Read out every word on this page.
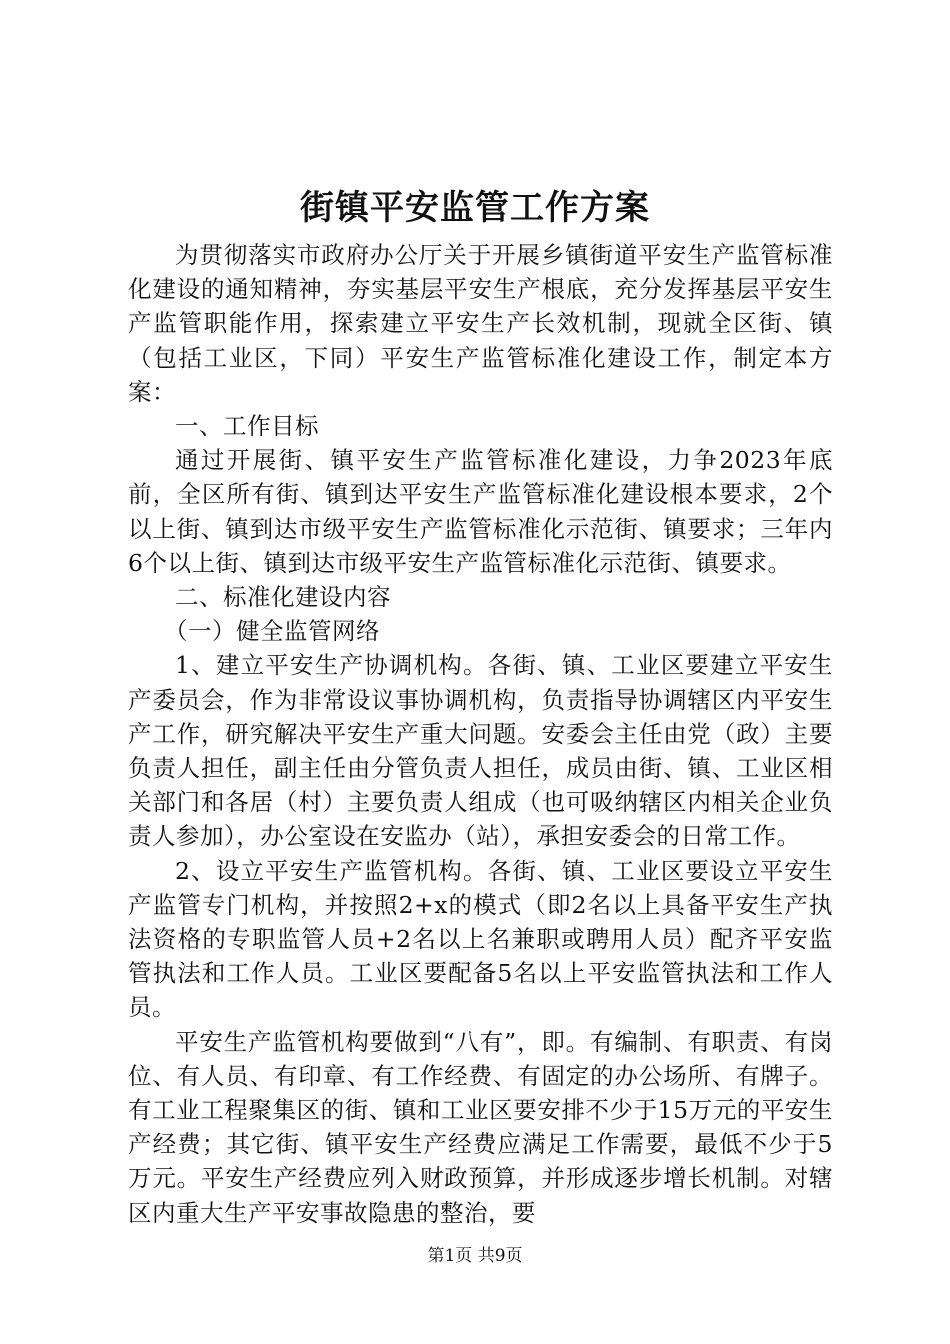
街镇平安监管工作方案

为贯彻落实市政府办公厅关于开展乡镇街道平安生产监管标准化建设的通知精神，夯实基层平安生产根底，充分发挥基层平安生产监管职能作用，探索建立平安生产长效机制，现就全区街、镇（包括工业区，下同）平安生产监管标准化建设工作，制定本方案：

一、工作目标

通过开展街、镇平安生产监管标准化建设，力争2023年底前，全区所有街、镇到达平安生产监管标准化建设根本要求，2个以上街、镇到达市级平安生产监管标准化示范街、镇要求；三年内6个以上街、镇到达市级平安生产监管标准化示范街、镇要求。

二、标准化建设内容

（一）健全监管网络

1、建立平安生产协调机构。各街、镇、工业区要建立平安生产委员会，作为非常设议事协调机构，负责指导协调辖区内平安生产工作，研究解决平安生产重大问题。安委会主任由党（政）主要负责人担任，副主任由分管负责人担任，成员由街、镇、工业区相关部门和各居（村）主要负责人组成（也可吸纳辖区内相关企业负责人参加），办公室设在安监办（站），承担安委会的日常工作。

2、设立平安生产监管机构。各街、镇、工业区要设立平安生产监管专门机构，并按照2+x的模式（即2名以上具备平安生产执法资格的专职监管人员+2名以上名兼职或聘用人员）配齐平安监管执法和工作人员。工业区要配备5名以上平安监管执法和工作人员。

平安生产监管机构要做到“八有”，即。有编制、有职责、有岗位、有人员、有印章、有工作经费、有固定的办公场所、有牌子。有工业工程聚集区的街、镇和工业区要安排不少于15万元的平安生产经费；其它街、镇平安生产经费应满足工作需要，最低不少于5万元。平安生产经费应列入财政预算，并形成逐步增长机制。对辖区内重大生产平安事故隐患的整治，要

第1页 共9页
